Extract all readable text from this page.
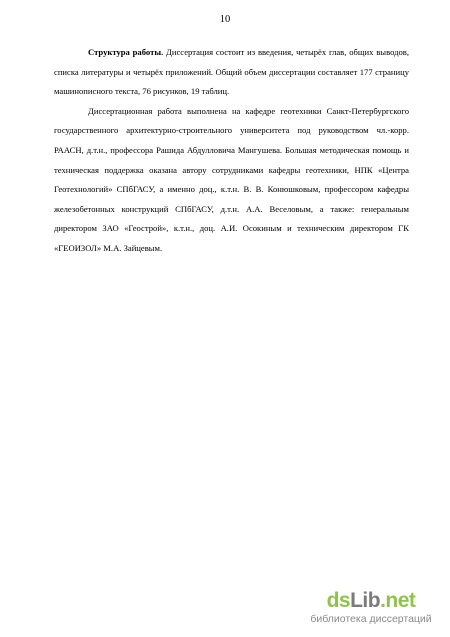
10

Структура работы. Диссертация состоит из введения, четырёх глав, общих выводов, списка литературы и четырёх приложений. Общий объем диссертации составляет 177 страницу машинописного текста, 76 рисунков, 19 таблиц.

Диссертационная работа выполнена на кафедре геотехники Санкт-Петербургского государственного архитектурно-строительного университета под руководством чл.-корр. РААСН, д.т.н., профессора Рашида Абдулловича Мангушева. Большая методическая помощь и техническая поддержка оказана автору сотрудниками кафедры геотехники, НПК «Центра Геотехнологий» СПбГАСУ, а именно доц., к.т.н. В. В. Конюшковым, профессором кафедры железобетонных конструкций СПбГАСУ, д.т.н. А.А. Веселовым, а также: генеральным директором ЗАО «Геострой», к.т.н., доц. А.И. Осокиным и техническим директором ГК «ГЕОИЗОЛ» М.А. Зайцевым.

dsLib.net
библиотека диссертаций
